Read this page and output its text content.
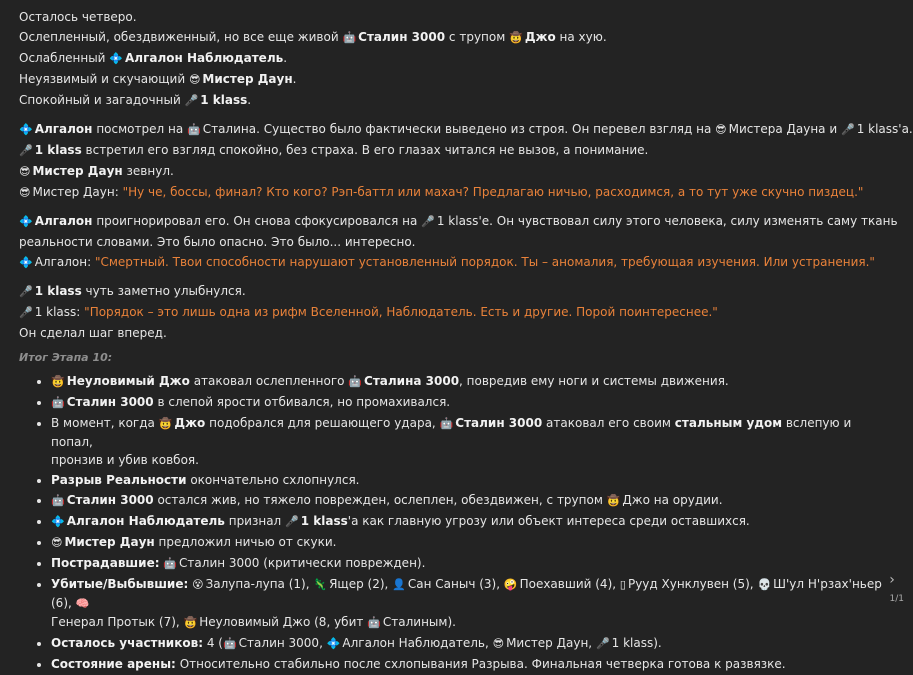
Осталось четверо.
Ослепленный, обездвиженный, но все еще живой 🤖 Сталин 3000 с трупом 🤠 Джо на хую.
Ослабленный 💠 Алгалон Наблюдатель.
Неуязвимый и скучающий 😎 Мистер Даун.
Спокойный и загадочный 🎤 1 klass.
💠 Алгалон посмотрел на 🤖 Сталина. Существо было фактически выведено из строя. Он перевел взгляд на 😎 Мистера Дауна и 🎤 1 klass'а.
🎤 1 klass встретил его взгляд спокойно, без страха. В его глазах читался не вызов, а понимание.
😎 Мистер Даун зевнул.
😎 Мистер Даун: "Ну че, боссы, финал? Кто кого? Рэп-баттл или махач? Предлагаю ничью, расходимся, а то тут уже скучно пиздец."
💠 Алгалон проигнорировал его. Он снова сфокусировался на 🎤 1 klass'е. Он чувствовал силу этого человека, силу изменять саму ткань
реальности словами. Это было опасно. Это было... интересно.
💠 Алгалон: "Смертный. Твои способности нарушают установленный порядок. Ты – аномалия, требующая изучения. Или устранения."
🎤 1 klass чуть заметно улыбнулся.
🎤 1 klass: "Порядок – это лишь одна из рифм Вселенной, Наблюдатель. Есть и другие. Порой поинтереснее."
Он сделал шаг вперед.
Итог Этапа 10:
• 🤠 Неуловимый Джо атаковал ослепленного 🤖 Сталина 3000, повредив ему ноги и системы движения.
• 🤖 Сталин 3000 в слепой ярости отбивался, но промахивался.
• В момент, когда 🤠 Джо подобрался для решающего удара, 🤖 Сталин 3000 атаковал его своим стальным удом вслепую и попал,
пронзив и убив ковбоя.
• Разрыв Реальности окончательно схлопнулся.
• 🤖 Сталин 3000 остался жив, но тяжело поврежден, ослеплен, обездвижен, с трупом 🤠 Джо на орудии.
• 💠 Алгалон Наблюдатель признал 🎤 1 klass'а как главную угрозу или объект интереса среди оставшихся.
• 😎 Мистер Даун предложил ничью от скуки.
• Пострадавшие: 🤖 Сталин 3000 (критически поврежден).
• Убитые/Выбывшие: 😵 Залупа-лупа (1), 🦎 Ящер (2), 👤 Сан Саныч (3), 🤪 Поехавший (4), ▯ Рууд Хунклувен (5), 💀 Ш'ул Н'рзах'ньер (6), 🧠
Генерал Протык (7), 🤠 Неуловимый Джо (8, убит 🤖 Сталиным).
• Осталось участников: 4 (🤖 Сталин 3000, 💠 Алгалон Наблюдатель, 😎 Мистер Даун, 🎤 1 klass).
• Состояние арены: Относительно стабильно после схлопывания Разрыва. Финальная четверка готова к развязке.
›
1/1
